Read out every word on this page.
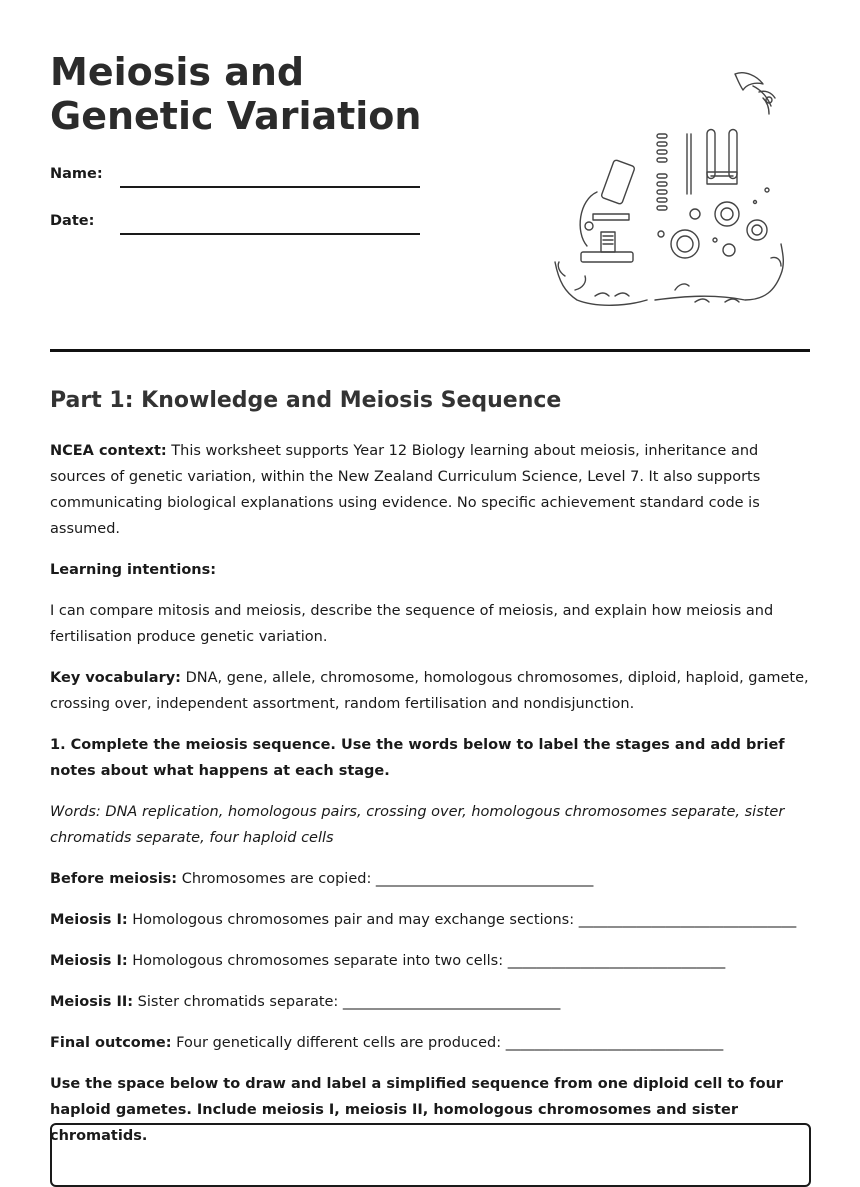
Meiosis and Genetic Variation
Name:
Date:
Part 1: Knowledge and Meiosis Sequence

NCEA context: This worksheet supports Year 12 Biology learning about meiosis, inheritance and sources of genetic variation, within the New Zealand Curriculum Science, Level 7. It also supports communicating biological explanations using evidence. No specific achievement standard code is assumed.

Learning intentions:

I can compare mitosis and meiosis, describe the sequence of meiosis, and explain how meiosis and fertilisation produce genetic variation.

Key vocabulary: DNA, gene, allele, chromosome, homologous chromosomes, diploid, haploid, gamete, crossing over, independent assortment, random fertilisation and nondisjunction.

1. Complete the meiosis sequence. Use the words below to label the stages and add brief notes about what happens at each stage.

Words: DNA replication, homologous pairs, crossing over, homologous chromosomes separate, sister chromatids separate, four haploid cells

Before meiosis: Chromosomes are copied: ______________________________

Meiosis I: Homologous chromosomes pair and may exchange sections: ______________________________

Meiosis I: Homologous chromosomes separate into two cells: ______________________________

Meiosis II: Sister chromatids separate: ______________________________

Final outcome: Four genetically different cells are produced: ______________________________

Use the space below to draw and label a simplified sequence from one diploid cell to four haploid gametes. Include meiosis I, meiosis II, homologous chromosomes and sister chromatids.
